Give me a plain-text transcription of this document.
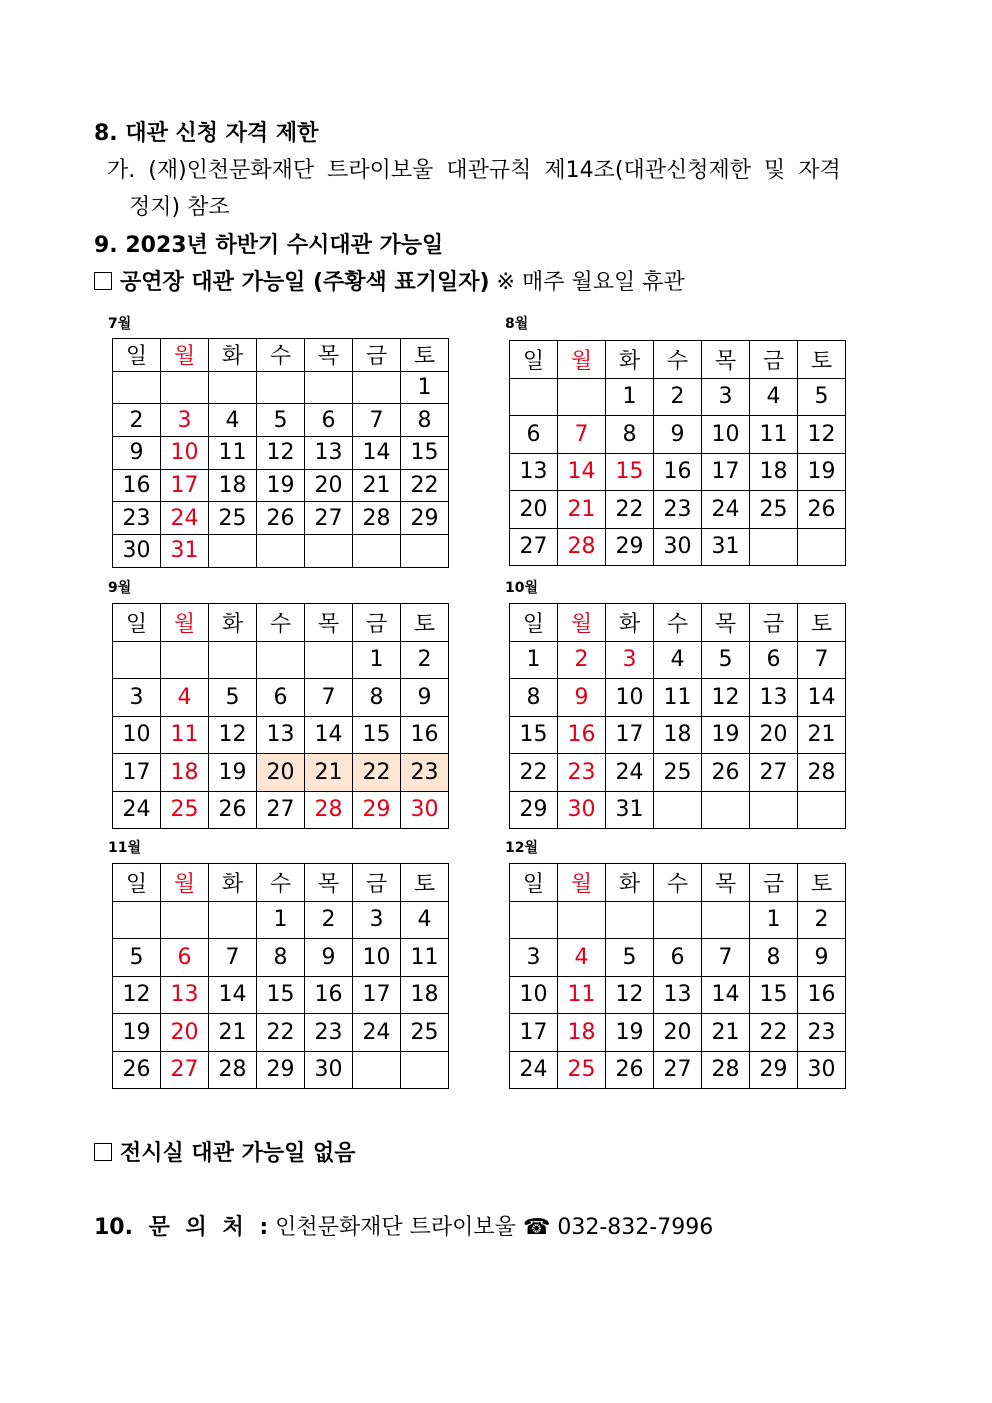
8. 대관 신청 자격 제한
가. (재)인천문화재단 트라이보울 대관규칙 제14조(대관신청제한 및 자격
정지) 참조
9. 2023년 하반기 수시대관 가능일
공연장 대관 가능일 (주황색 표기일자) ※ 매주 월요일 휴관
7월	8월
9월	10월
11월	12월
일	월	화	수	목	금	토
						1
2	3	4	5	6	7	8
9	10	11	12	13	14	15
16	17	18	19	20	21	22
23	24	25	26	27	28	29
30	31					
일	월	화	수	목	금	토
		1	2	3	4	5
6	7	8	9	10	11	12
13	14	15	16	17	18	19
20	21	22	23	24	25	26
27	28	29	30	31		
일	월	화	수	목	금	토
					1	2
3	4	5	6	7	8	9
10	11	12	13	14	15	16
17	18	19	20	21	22	23
24	25	26	27	28	29	30
일	월	화	수	목	금	토
1	2	3	4	5	6	7
8	9	10	11	12	13	14
15	16	17	18	19	20	21
22	23	24	25	26	27	28
29	30	31				
일	월	화	수	목	금	토
			1	2	3	4
5	6	7	8	9	10	11
12	13	14	15	16	17	18
19	20	21	22	23	24	25
26	27	28	29	30		
일	월	화	수	목	금	토
					1	2
3	4	5	6	7	8	9
10	11	12	13	14	15	16
17	18	19	20	21	22	23
24	25	26	27	28	29	30
전시실 대관 가능일 없음
10. 문 의 처 : 인천문화재단 트라이보울 ☎ 032-832-7996
